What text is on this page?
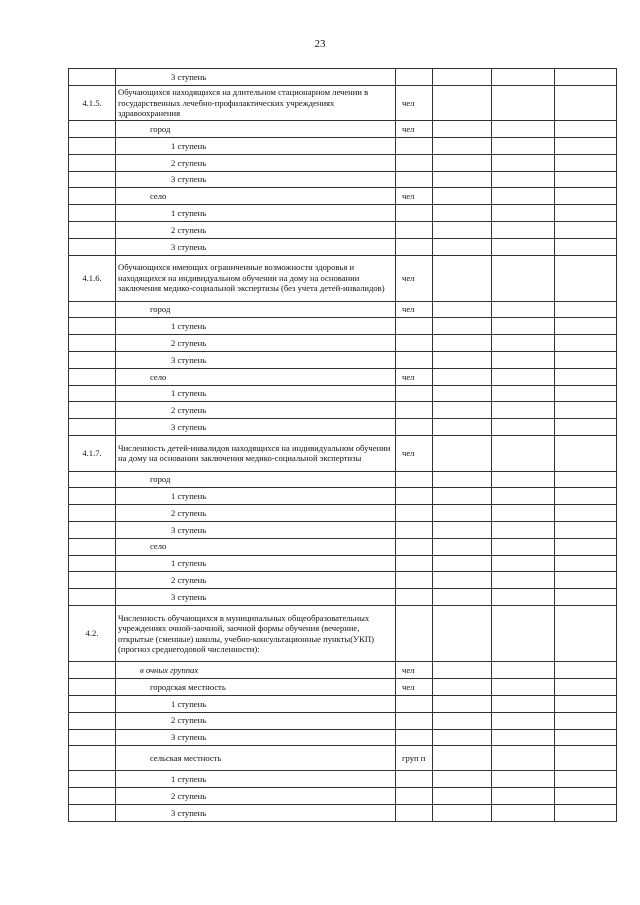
23
	3 ступень				
4.1.5.	Обучающихся находящихся на длительном стационарном лечении в государственных лечебно-профилактических учреждениях здравоохранения	чел			
	город	чел			
	1 ступень				
	2 ступень				
	3 ступень				
	село	чел			
	1 ступень				
	2 ступень				
	3 ступень				
4.1.6.	Обучающихся имеющих ограниченные возможности здоровья и находящихся на индивидуальном обучении на дому на основании заключения медико-социальной экспертизы (без учета детей-инвалидов)	чел			
	город	чел			
	1 ступень				
	2 ступень				
	3 ступень				
	село	чел			
	1 ступень				
	2 ступень				
	3 ступень				
4.1.7.	Численность детей-инвалидов находящихся на индивидуальном обучении на дому на основании заключения медико-социальной экспертизы	чел			
	город				
	1 ступень				
	2 ступень				
	3 ступень				
	село				
	1 ступень				
	2 ступень				
	3 ступень				
4.2.	Численность обучающихся в муниципальных общеобразовательных учреждениях очной-заочной, заочной формы обучения (вечерние, открытые (сменные) школы, учебно-консультационные пункты(УКП) (прогноз среднегодовой численности):				
	в очных группах	чел			
	городская местность	чел			
	1 ступень				
	2 ступень				
	3 ступень				
	сельская местность	груп п			
	1 ступень				
	2 ступень				
	3 ступень				
